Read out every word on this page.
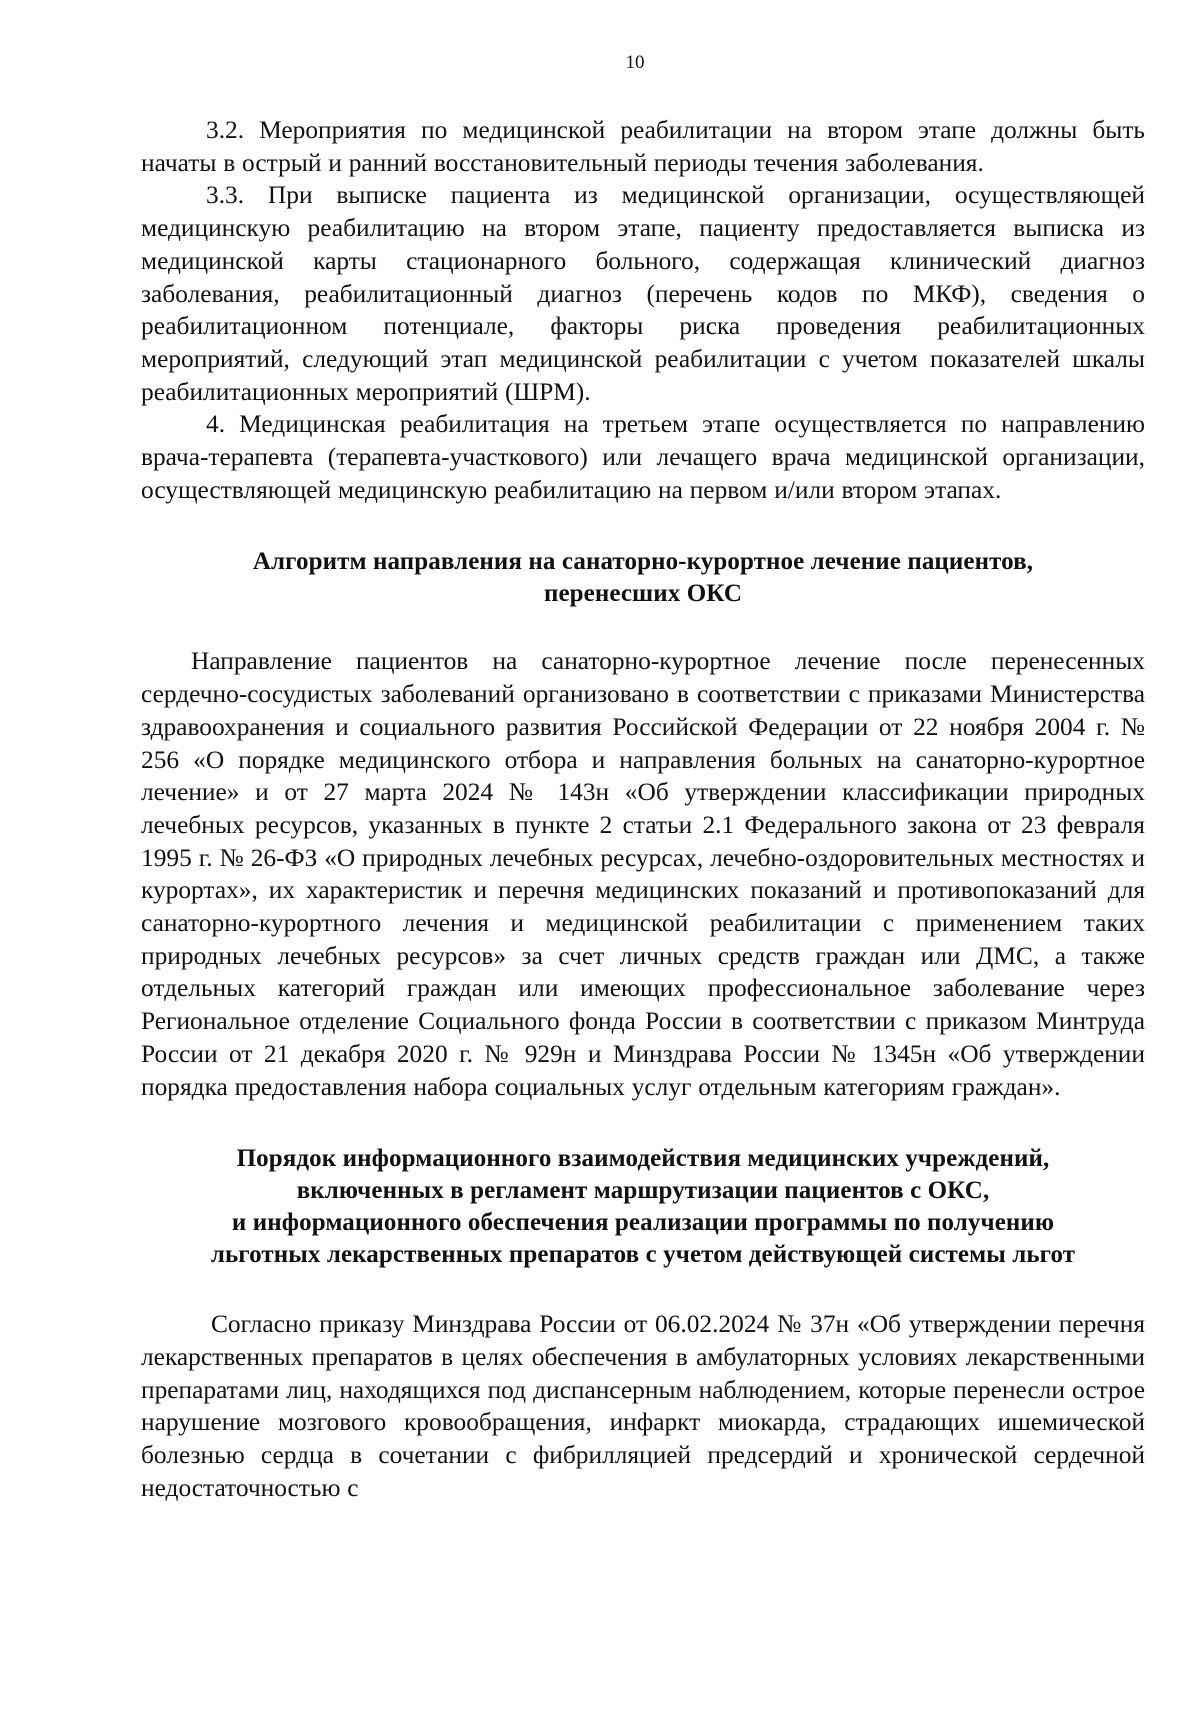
10

3.2. Мероприятия по медицинской реабилитации на втором этапе должны быть начаты в острый и ранний восстановительный периоды течения заболевания.

3.3. При выписке пациента из медицинской организации, осуществляющей медицинскую реабилитацию на втором этапе, пациенту предоставляется выписка из медицинской карты стационарного больного, содержащая клинический диагноз заболевания, реабилитационный диагноз (перечень кодов по МКФ), сведения о реабилитационном потенциале, факторы риска проведения реабилитационных мероприятий, следующий этап медицинской реабилитации с учетом показателей шкалы реабилитационных мероприятий (ШРМ).

4. Медицинская реабилитация на третьем этапе осуществляется по направлению врача-терапевта (терапевта-участкового) или лечащего врача медицинской организации, осуществляющей медицинскую реабилитацию на первом и/или втором этапах.

Алгоритм направления на санаторно-курортное лечение пациентов,
перенесших ОКС

Направление пациентов на санаторно-курортное лечение после перенесенных сердечно-сосудистых заболеваний организовано в соответствии с приказами Министерства здравоохранения и социального развития Российской Федерации от 22 ноября 2004 г. № 256 «О порядке медицинского отбора и направления больных на санаторно-курортное лечение» и от 27 марта 2024 № 143н «Об утверждении классификации природных лечебных ресурсов, указанных в пункте 2 статьи 2.1 Федерального закона от 23 февраля 1995 г. № 26-ФЗ «О природных лечебных ресурсах, лечебно-оздоровительных местностях и курортах», их характеристик и перечня медицинских показаний и противопоказаний для санаторно-курортного лечения и медицинской реабилитации с применением таких природных лечебных ресурсов» за счет личных средств граждан или ДМС, а также отдельных категорий граждан или имеющих профессиональное заболевание через Региональное отделение Социального фонда России в соответствии с приказом Минтруда России от 21 декабря 2020 г. № 929н и Минздрава России № 1345н «Об утверждении порядка предоставления набора социальных услуг отдельным категориям граждан».

Порядок информационного взаимодействия медицинских учреждений,
включенных в регламент маршрутизации пациентов с ОКС,
и информационного обеспечения реализации программы по получению
льготных лекарственных препаратов с учетом действующей системы льгот

Согласно приказу Минздрава России от 06.02.2024 № 37н «Об утверждении перечня лекарственных препаратов в целях обеспечения в амбулаторных условиях лекарственными препаратами лиц, находящихся под диспансерным наблюдением, которые перенесли острое нарушение мозгового кровообращения, инфаркт миокарда, страдающих ишемической болезнью сердца в сочетании с фибрилляцией предсердий и хронической сердечной недостаточностью с
